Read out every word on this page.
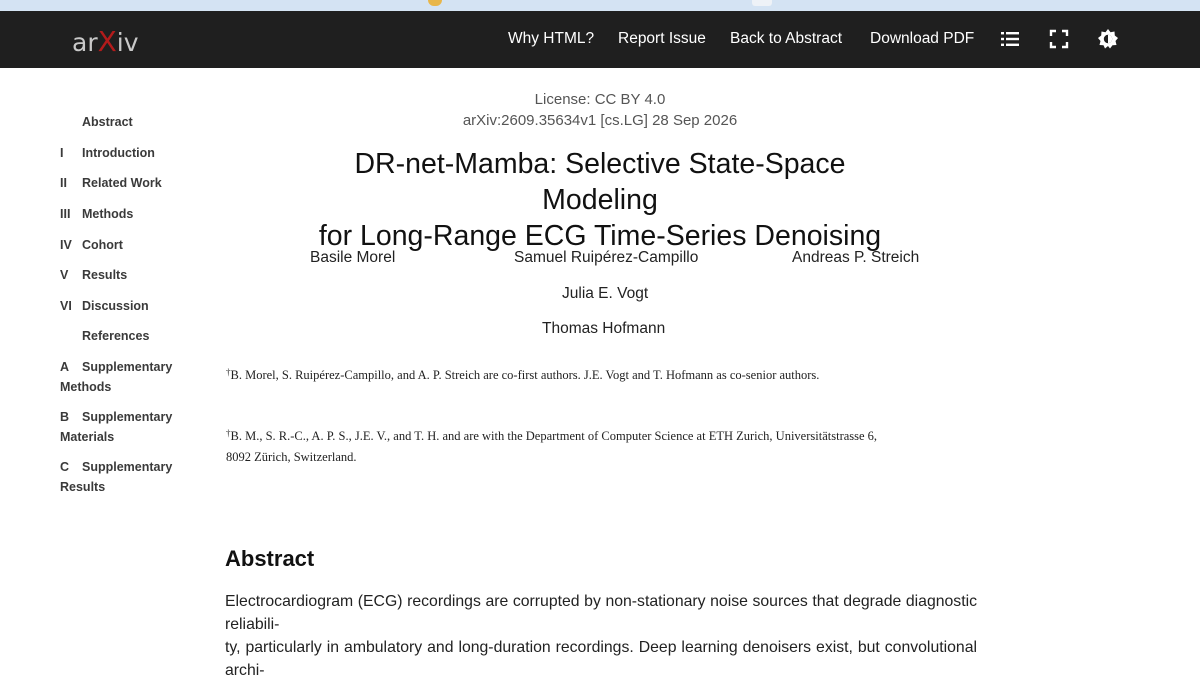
arXiv	Why HTML? Report Issue Back to Abstract Download PDF
Abstract
I Introduction
II Related Work
III Methods
IV Cohort
V Results
VI Discussion
References
A Supplementary Methods
B Supplementary Materials
C Supplementary Results
License: CC BY 4.0
arXiv:2609.35634v1 [cs.LG] 28 Sep 2026
DR-net-Mamba: Selective State-Space Modeling
for Long-Range ECG Time-Series Denoising
Basile Morel	Samuel Ruipérez-Campillo	Andreas P. Streich
Julia E. Vogt
Thomas Hofmann
†B. Morel, S. Ruipérez-Campillo, and A. P. Streich are co-first authors. J.E. Vogt and T. Hofmann as co-senior authors.
†B. M., S. R.-C., A. P. S., J.E. V., and T. H. and are with the Department of Computer Science at ETH Zurich, Universitätstrasse 6,
8092 Zürich, Switzerland.
Abstract
Electrocardiogram (ECG) recordings are corrupted by non-stationary noise sources that degrade diagnostic reliabili-
ty, particularly in ambulatory and long-duration recordings. Deep learning denoisers exist, but convolutional archi-
